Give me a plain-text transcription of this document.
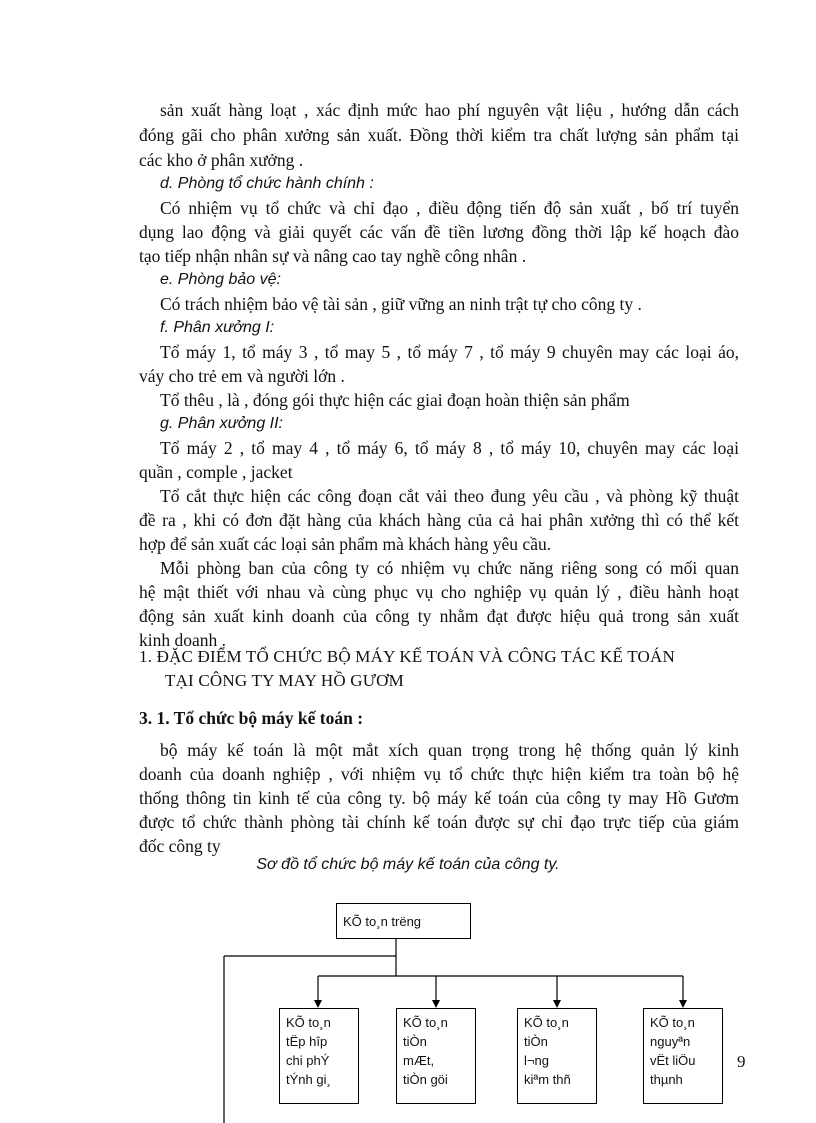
sản xuất hàng loạt , xác định mức hao phí nguyên vật liệu , hướng dẫn cách
đóng gãi cho phân xưởng sản xuất. Đồng thời kiểm tra chất lượng sản phẩm tại
các kho ở phân xưởng .
d. Phòng tổ chức hành chính :
Có nhiệm vụ tổ chức và chỉ đạo , điều động tiến độ sản xuất , bố trí tuyển
dụng lao động và giải quyết các vấn đề tiền lương đồng thời lập kế hoạch đào
tạo tiếp nhận nhân sự và nâng cao tay nghề công nhân .
e. Phòng bảo vệ:
Có trách nhiệm bảo vệ tài sản , giữ vững an ninh trật tự cho công ty .
f. Phân xưởng I:
Tổ máy 1, tổ máy 3 , tổ may 5 , tổ máy 7 , tổ máy 9 chuyên may các loại áo,
váy cho trẻ em và người lớn .
Tổ thêu , là , đóng gói thực hiện các giai đoạn hoàn thiện sản phẩm
g. Phân xưởng II:
Tổ máy 2 , tổ may 4 , tổ máy 6, tổ máy 8 , tổ máy 10, chuyên may các loại
quần , comple , jacket
Tổ cắt thực hiện các công đoạn cắt vải theo đung yêu cầu , và phòng kỹ thuật
đề ra , khi có đơn đặt hàng của khách hàng của cả hai phân xưởng thì có thể kết
hợp để sản xuất các loại sản phẩm mà khách hàng yêu cầu.
Mỗi phòng ban của công ty có nhiệm vụ chức năng riêng song có mối quan
hệ mật thiết với nhau và cùng phục vụ cho nghiệp vụ quản lý , điều hành hoạt
động sản xuất kinh doanh của công ty nhằm đạt được hiệu quả trong sản xuất
kinh doanh .
1. ĐẶC ĐIỂM TỔ CHỨC BỘ MÁY KẾ TOÁN VÀ CÔNG TÁC KẾ TOÁN
TẠI CÔNG TY MAY HỒ GƯƠM
3. 1. Tổ chức bộ máy kế toán :
bộ máy kế toán là một mắt xích quan trọng trong hệ thống quản lý kinh
doanh của doanh nghiệp , với nhiệm vụ tổ chức thực hiện kiểm tra toàn bộ hệ
thống thông tin kinh tế của công ty. bộ máy kế toán của công ty may Hồ Gươm
được tổ chức thành phòng tài chính kế toán được sự chỉ đạo trực tiếp của giám
đốc công ty
Sơ đồ tổ chức bộ máy kế toán của công ty.
KÕ to¸n trëng
KÕ to¸n
tËp hîp
chi phÝ
tÝnh gi¸
KÕ to¸n
tiÒn
mÆt,
tiÒn göi
KÕ to¸n
tiÒn
l¬ng
kiªm thñ
KÕ to¸n
nguyªn
vËt liÖu
thµnh
9
